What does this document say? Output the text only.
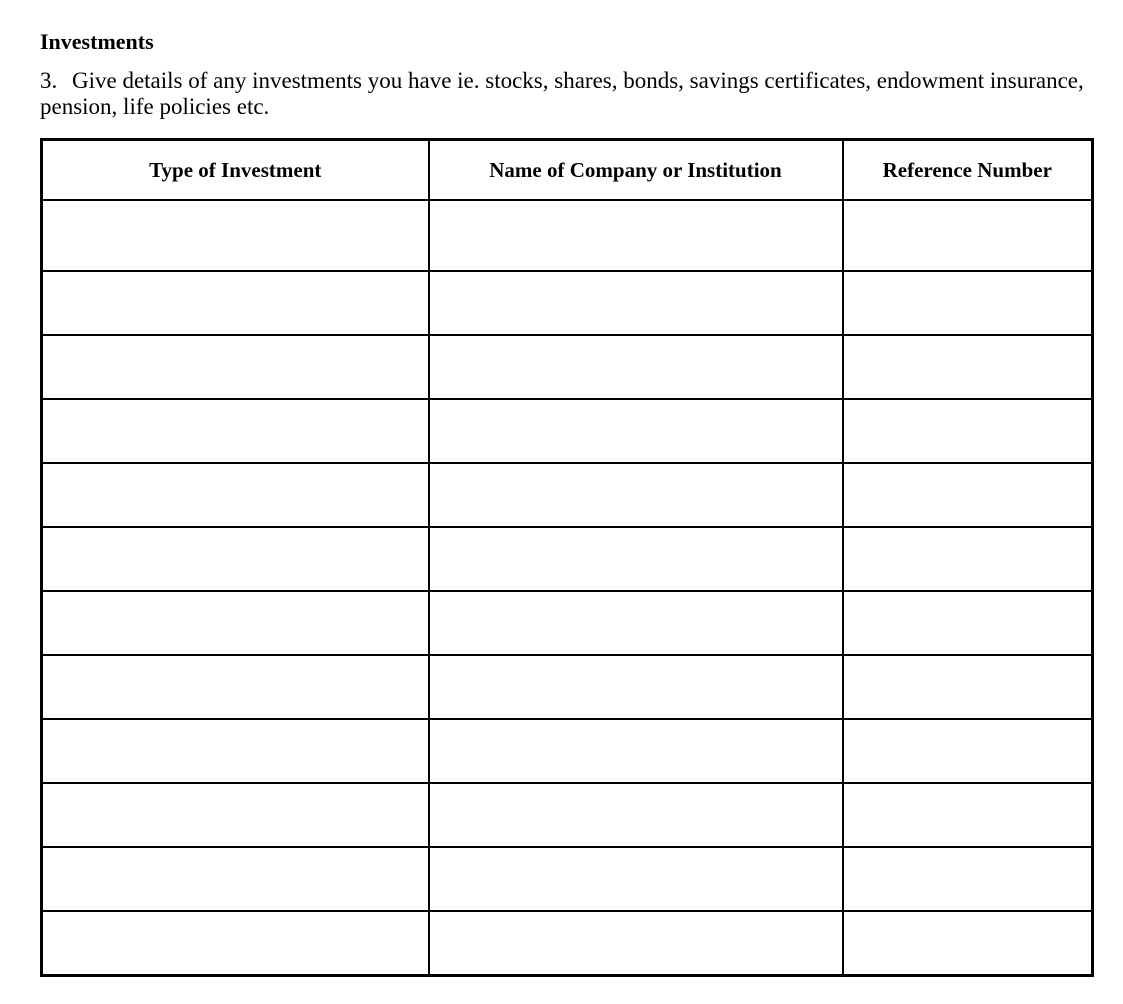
Investments

3. Give details of any investments you have ie. stocks, shares, bonds, savings certificates, endowment insurance, pension, life policies etc.

Type of Investment	Name of Company or Institution	Reference Number
